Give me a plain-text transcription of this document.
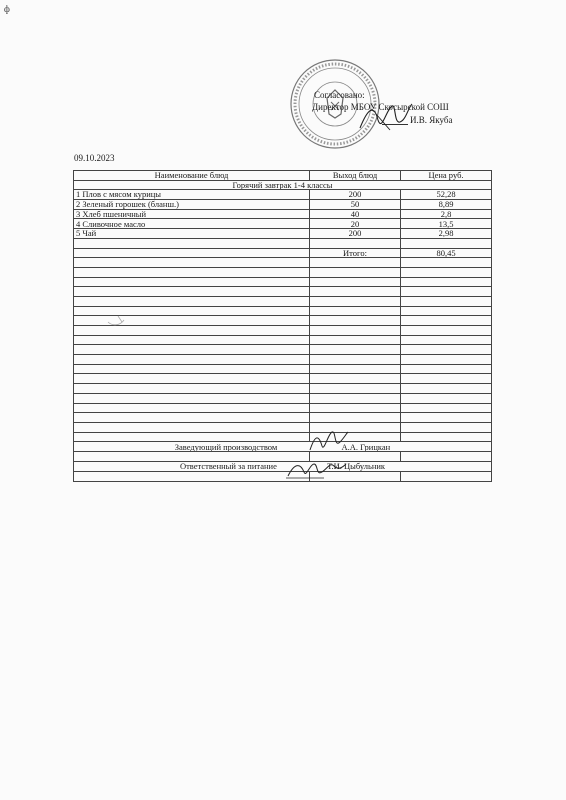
ф
Согласовано:
Директор МБОУ Скосырской СОШ
И.В. Якуба
09.10.2023
Наименование блюд	Выход блюд	Цена руб.
Горячий завтрак 1-4 классы		
1 Плов с мясом курицы	200	52,28
2 Зеленый горошек (бланш.)	50	8,89
3 Хлеб пшеничный	40	2,8
4 Сливочное масло	20	13,5
5 Чай	200	2,98

	Итого:	80,45

Заведующий производством А.А. Грицкан		

Ответственный за питание Т.И. Цыбульник		
